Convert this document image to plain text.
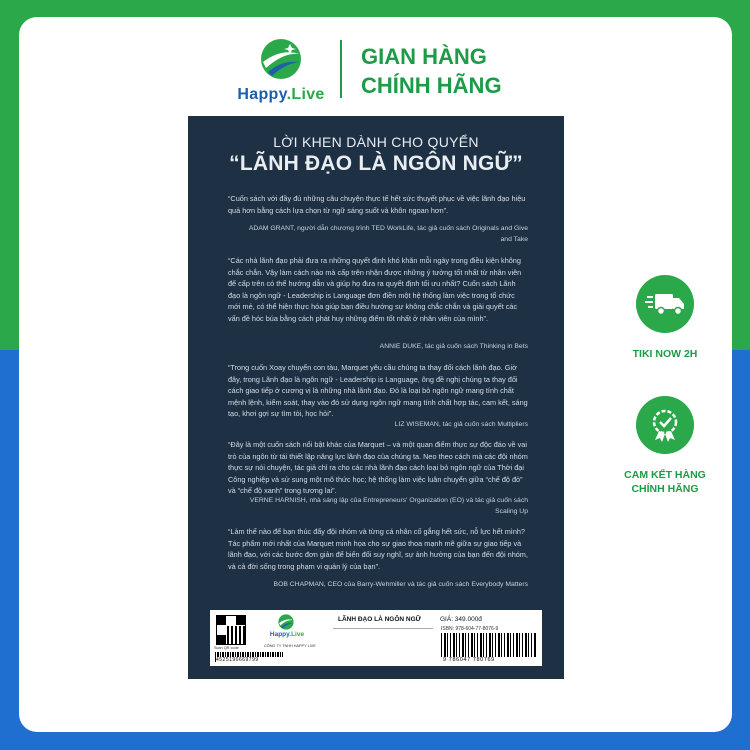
Happy.Live
GIAN HÀNG
CHÍNH HÃNG
LỜI KHEN DÀNH CHO QUYỂN
“LÃNH ĐẠO LÀ NGÔN NGỮ”

“Cuốn sách với đầy đủ những câu chuyện thực tế hết sức thuyết phục về việc lãnh đạo hiệu quả hơn bằng cách lựa chọn từ ngữ sáng suốt và khôn ngoan hơn”.

ADAM GRANT, người dẫn chương trình TED WorkLife, tác giả cuốn sách Originals and Give and Take

“Các nhà lãnh đạo phải đưa ra những quyết định khó khăn mỗi ngày trong điều kiện không chắc chắn. Vậy làm cách nào mà cấp trên nhận được những ý tưởng tốt nhất từ nhân viên để cấp trên có thể hướng dẫn và giúp họ đưa ra quyết định tối ưu nhất? Cuốn sách Lãnh đạo là ngôn ngữ - Leadership is Language đơn điền một hệ thống làm việc trong tổ chức mới mẻ, có thể hiện thực hóa giúp bạn điều hướng sự không chắc chắn và giải quyết các vấn đề hóc búa bằng cách phát huy những điểm tốt nhất ở nhân viên của mình”.

ANNIE DUKE, tác giả cuốn sách Thinking in Bets

“Trong cuốn Xoay chuyển con tàu, Marquet yêu cầu chúng ta thay đổi cách lãnh đạo. Giờ đây, trong Lãnh đạo là ngôn ngữ - Leadership is Language, ông đề nghị chúng ta thay đổi cách giao tiếp ở cương vị là những nhà lãnh đạo. Đó là loại bỏ ngôn ngữ mang tính chất mệnh lệnh, kiểm soát, thay vào đó sử dụng ngôn ngữ mang tính chất hợp tác, cam kết, sáng tạo, khơi gợi sự tìm tòi, học hỏi”.

LIZ WISEMAN, tác giả cuốn sách Multipliers

“Đây là một cuốn sách nổi bật khác của Marquet – và một quan điểm thực sự độc đáo về vai trò của ngôn từ tái thiết lập năng lực lãnh đạo của chúng ta. Neo theo cách mà các đội nhóm thực sự nói chuyện, tác giả chỉ ra cho các nhà lãnh đạo cách loại bỏ ngôn ngữ của Thời đại Công nghiệp và sử sung một mô thức học; hệ thống làm việc luân chuyển giữa “chế độ đỏ” và “chế độ xanh” trong tương lai”.

VERNE HARNISH, nhà sáng lập của Entrepreneurs' Organization (EO) và tác giả cuốn sách Scaling Up

“Làm thế nào để bạn thúc đẩy đội nhóm và từng cá nhân cố gắng hết sức, nỗ lực hết mình? Tác phẩm mới nhất của Marquet minh họa cho sự giao thoa mạnh mẽ giữa sự giao tiếp và lãnh đạo, với các bước đơn giản để biến đổi suy nghĩ, sự ảnh hưởng của bạn đến đội nhóm, và cả đời sống trong phạm vi quản lý của bạn”.

BOB CHAPMAN, CEO của Barry-Wehmiller và tác giả cuốn sách Everybody Matters

Scan QR code
Happy.Live
CÔNG TY TNHH HAPPY LIVE
LÃNH ĐẠO LÀ NGÔN NGỮ	GIÁ: 349.000đ
ISBN: 978-604-77-8076-9
4525190669799	9 786047 780769
TIKI NOW 2H
CAM KẾT HÀNG
CHÍNH HÃNG
